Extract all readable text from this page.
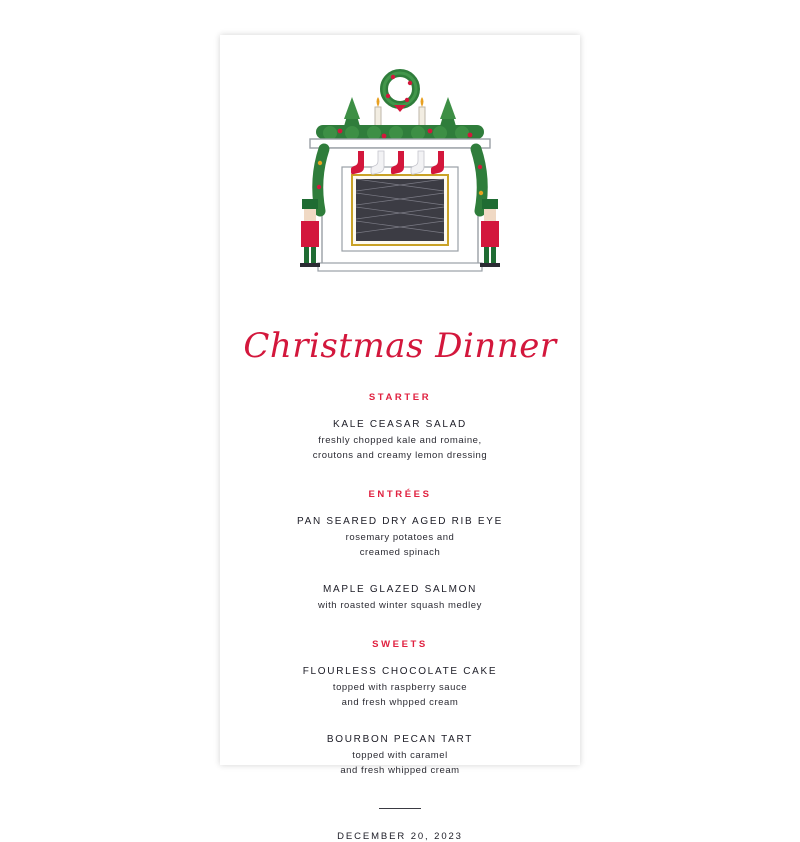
Christmas Dinner
STARTER
KALE CEASAR SALAD
freshly chopped kale and romaine,
croutons and creamy lemon dressing
ENTRÉES
PAN SEARED DRY AGED RIB EYE
rosemary potatoes and
creamed spinach
MAPLE GLAZED SALMON
with roasted winter squash medley
SWEETS
FLOURLESS CHOCOLATE CAKE
topped with raspberry sauce
and fresh whpped cream
BOURBON PECAN TART
topped with caramel
and fresh whipped cream
DECEMBER 20, 2023
